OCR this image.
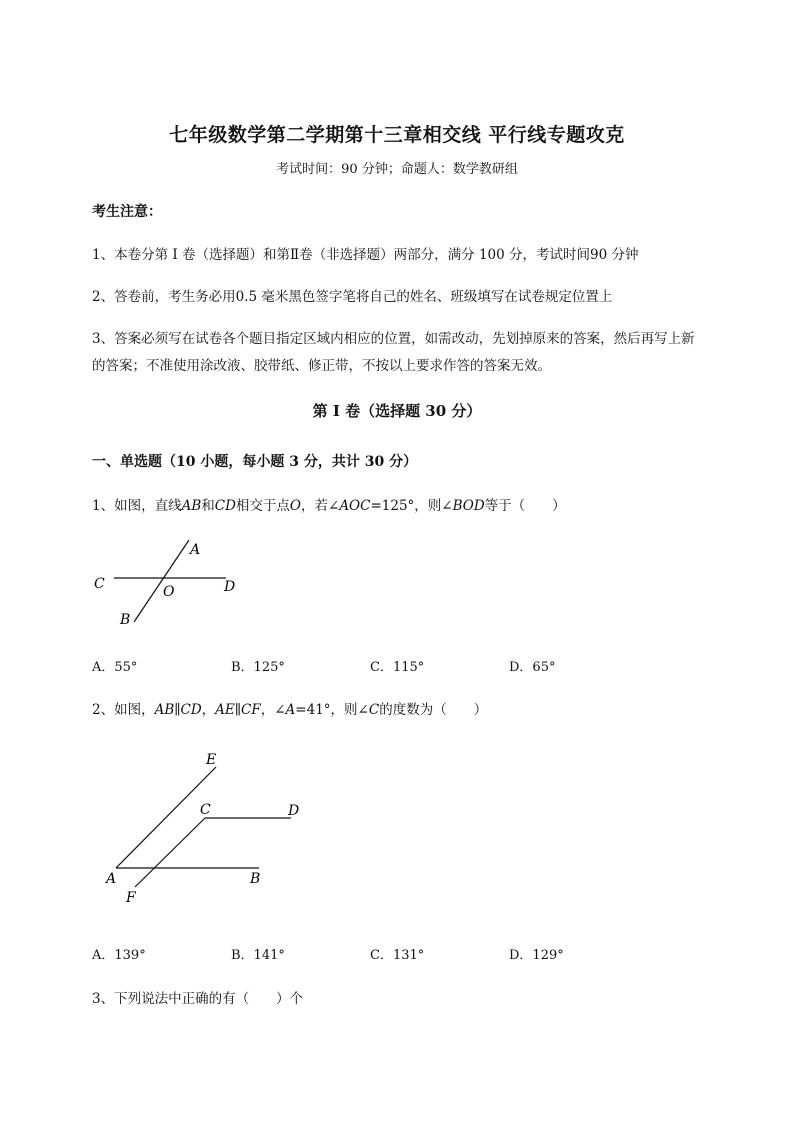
七年级数学第二学期第十三章相交线 平行线专题攻克
考试时间：90 分钟；命题人：数学教研组
考生注意：
1、本卷分第 I 卷（选择题）和第Ⅱ卷（非选择题）两部分，满分 100 分，考试时间90 分钟
2、答卷前，考生务必用0.5 毫米黑色签字笔将自己的姓名、班级填写在试卷规定位置上
3、答案必须写在试卷各个题目指定区域内相应的位置，如需改动，先划掉原来的答案，然后再写上新
的答案；不准使用涂改液、胶带纸、修正带，不按以上要求作答的答案无效。
第 I 卷（选择题 30 分）
一、单选题（10 小题，每小题 3 分，共计 30 分）
1、如图，直线AB和CD相交于点O，若∠AOC=125°，则∠BOD等于（　　）
A
C	D
O
B
A．55°	B．125°	C．115°	D．65°
2、如图，AB∥CD，AE∥CF，∠A=41°，则∠C的度数为（　　）
E
C	D
A	B
F
A．139°	B．141°	C．131°	D．129°
3、下列说法中正确的有（　　）个
